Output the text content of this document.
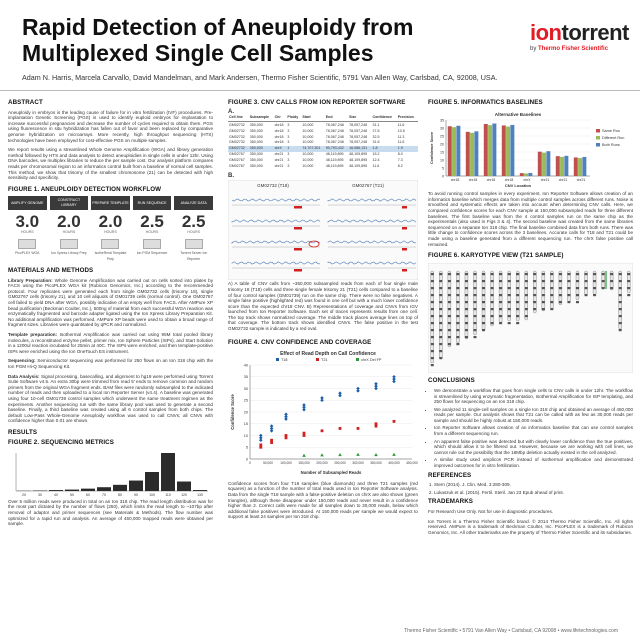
Rapid Detection of Aneuploidy from Multiplexed Single Cell Samples
iontorrent
by Thermo Fisher Scientific
Adam N. Harris, Marcela Carvallo, David Mandelman, and Mark Andersen, Thermo Fisher Scientific, 5791 Van Allen Way, Carlsbad, CA, 92008, USA.
ABSTRACT

Aneuploidy in embryos is the leading cause of failure for in vitro fertilization (IVF) procedures. Pre-implantation Genetic Screening (PGS) is used to identify euploid embryos for implantation to increase successful pregnancies and decrease the number of cycles required to obtain them. PGS using fluorescence in situ hybridization has fallen out of favor and been replaced by comparative genome hybridization on microarrays. More recently, high throughput sequencing (HTS) technologies have been employed for cost-effective PGS on multiple samples.

We report results using a streamlined Whole Genome Amplification (WGA) and library generation method followed by HTS and data analysis to detect aneuploidies in single cells in under 12hr. Using DNA barcodes, we multiplex libraries to reduce the per sample cost. Our analysis platform compares reads per chromosomal region to an informatics control built from a baseline of normal cell samples. This method, we show that trisomy of the smallest chromosome (21) can be detected with high sensitivity and specificity.

FIGURE 1. ANEUPLOIDY DETECTION WORKFLOW
AMPLIFY GENOME
3.0
HOURS
PicoPLEX WGA
CONSTRUCT LIBRARY
2.0
HOURS
Ion Xpress Library Prep
PREPARE TEMPLATE
2.0
HOURS
IsotheRmal Template Prep
RUN SEQUENCE
2.5
HOURS
Ion PGM Sequencer
ANALYZE DATA
2.5
HOURS
Torrent Server Ion Reporter
MATERIALS AND METHODS

Library Preparation: Whole Genome Amplification was carried out on cells sorted into plates by FACS using the PicoPLEX WGA kit (Rubicon Genomics, Inc.) according to the recommended protocol. Four replicates were generated each from single GM02732 cells (trisomy 18), single GM02767 cells (trisomy 21), and 10 cell aliquots of GM01739 cells (normal control). One GM02767 cell failed to yield DNA after WGA, possibly indicative of an empty well from FACS. After AMPure XP bead purification (Beckman Coulter, Inc.), 500ng of material from each successful WGA reaction was enzymatically fragmented and barcode adapter ligated using the Ion Xpress Library Preparation Kit. No additional amplification was performed. AMPure XP beads were used to obtain a broad range of fragment sizes. Libraries were quantitated by qPCR and normalized.

Template preparation: Isothermal Amplification was carried out using 95M total pooled library molecules, a reconstituted enzyme pellet, primer mix, Ion Sphere Particles (ISPs), and Start Solution in a 1200ul reaction incubated for 25min at 40C. The ISPs were enriched, and then template-positive ISPs were enriched using the Ion OneTouch ES instrument.

Sequencing: Semiconductor sequencing was performed for 250 flows on an Ion 318 chip with the Ion PGM Hi-Q Sequencing Kit.

Data Analysis: Signal processing, basecalling, and alignment to hg19 were performed using Torrent Suite Software v4.5. An extra 30bp were trimmed from read 5' ends to remove common and random primers from the original WGA fragment ends. BAM files were randomly subsampled to the indicated number of reads and then uploaded to a local Ion Reporter Server (v4.4). A baseline was generated using four 10-cell GM01739 control samples which underwent the same treatment regimen as the experiments. Another sequencing run with the same library pool was used to generate a second baseline. Finally, a third baseline was created using all 6 control samples from both chips. The default Low-Pass Whole-Genome Aneuploidy workflow was used to call CNVs; all CNVs with confidence higher than 0.01 are shown.

RESULTS
FIGURE 2. SEQUENCING METRICS
20	30	40	50	60	70	80	90	100	110	120	130

Over 5 million reads were produced in total on an Ion 318 chip. The read length distribution was for the most part dictated by the number of flows (250), which limits the read length to ~107bp after removal of adaptor and primer sequences (see Materials & Methods). The flow number was optimized for a rapid run and analysis. An average of 450,000 mapped reads were obtained per sample.

FIGURE 3. CNV CALLS FROM ION REPORTER SOFTWARE
A.
Cell line	Subsample	Chr	Ploidy	Start	End	Size	Confidence	Precision
GM02732	350,000	chr18	3	10,000	78,067,248	78,057,248	31.1	11.6
GM02732	350,000	chr18	3	10,000	78,067,248	78,057,248	27.6	10.5
GM02732	350,000	chr18	3	10,000	78,067,248	78,057,248	32.5	11.3
GM02732	350,000	chr18	3	10,000	78,067,248	78,057,248	31.6	11.6
GM02732	350,000	chrX	1	74,707,301	90,793,432	16,086,131	1.8	1.9
GM02767	350,000	chr21	3	10,000	48,119,895	48,109,895	15.2	8.0
GM02767	350,000	chr21	3	10,000	48,119,895	48,109,895	12.4	7.3
GM02767	350,000	chr21	3	10,000	48,119,895	48,109,895	11.6	8.2
B.
GM02732 (T18)	GM02767 (T21)

A) A table of CNV calls from ~350,000 subsampled reads from each of four single male trisomy 18 (T18) cells and three single female trisomy 21 (T21) cells compared to a baseline of four control samples (GM01739) run on the same chip. There were no false negatives. A single false positive (highlighted red) was found in one cell but with a much lower confidence score than the expected chr18 CNV. B) Representations of coverage and CNVs from IGV launched from Ion Reporter Software. Each set of traces represents results from one cell. The top track shows normalized coverage. The middle track places average lines on top of that coverage. The bottom track shows identified CNVs. The false positive in the test GM02732 sample is indicated by a red oval.

FIGURE 4. CNV CONFIDENCE AND COVERAGE
Effect of Read Depth on Call Confidence
T18	T21	chrX Del FP
0
5
10
15
20
25
30
35
40
0	50,000 100,000 150,000 200,000 250,000 300,000 350,000 400,000 450,000
Number of Subsampled Reads
Confidence Score

Confidence scores from four T18 samples (blue diamonds) and three T21 samples (red squares) as a function of the number of total reads used in Ion Reporter Software analysis. Data from the single T18 sample with a false-positive deletion on chrX are also shown (green triangles), although these disappear under 150,000 reads and never result in a confidence higher than 2. Correct calls were made for all samples down to 30,000 reads, below which additional false positives were introduced. At 150,000 reads per sample we would expect to support at least 24 samples per Ion 318 chip.

FIGURE 5. INFORMATICS BASELINES
Alternative Baselines
0
5
10
15
20
25
30
35
chr18	chr18	chr18	chr18	chrX	chr21	chr21	chr21
CNV Location
Confidence Score
Same Run
Different Run
Both Runs

To avoid running control samples in every experiment, Ion Reporter Software allows creation of an informatics baseline which merges data from multiple control samples across different runs. Noise is smoothed and systematic effects are taken into account when determining CNV calls. Here, we compared confidence scores for each CNV sample at 150,000 subsampled reads for three different baselines. The first baseline was from the 4 control samples run on the same chip as the experimentals (also used in Figs 3 & 4). The second baseline was created from the same libraries sequenced on a separate Ion 318 chip. The final baseline combined data from both runs. There was little change to confidence scores across the 3 baselines. Accurate calls for T18 and T21 could be made using a baseline generated from a different sequencing run. The chrX false positive call remained.

FIGURE 6. KARYOTYPE VIEW (T21 SAMPLE)
CONCLUSIONS
• We demonstrate a workflow that goes from single cells to CNV calls in under 12hr. The workflow is streamlined by using enzymatic fragmentation, Isothermal Amplification for ISP templating, and 250 flows for sequencing on an Ion 318 chip.
• We analyzed 11 single-cell samples on a single Ion 318 chip and obtained an average of 450,000 reads per sample. Our analysis shows that T21 can be called with as few as 30,000 reads per sample and should be highly robust at 150,000 reads.
• Ion Reporter Software allows creation of an informatics baseline that can use control samples from a different sequencing run.
• An apparent false positive was detected but with clearly lower confidence than the true positives, which should allow it to be filtered out. However, because we are working with cell lines, we cannot rule out the possibility that the 18Mbp deletion actually existed in the cell analyzed.
• A similar study used amplicon PCR instead of isothermal amplification and demonstrated improved outcomes for in vitro fertilization.
REFERENCES
1. Stern (2014). J. Clin. Med. 3:280-309.
2. Lukaszuk et al. (2015). Fertil. Steril. Jan 23 Epub ahead of print.
TRADEMARKS

For Research Use Only. Not for use in diagnostic procedures.

Ion Torrent is a Thermo Fisher Scientific brand. © 2014 Thermo Fisher Scientific, Inc. All rights reserved. AMPure is a trademark of Beckman Coulter, Inc. PicoPLEX is a trademark of Rubicon Genomics, Inc. All other trademarks are the property of Thermo Fisher Scientific and its subsidiaries.

Thermo Fisher Scientific • 5791 Van Allen Way • Carlsbad, CA 92008 • www.lifetechnologies.com
